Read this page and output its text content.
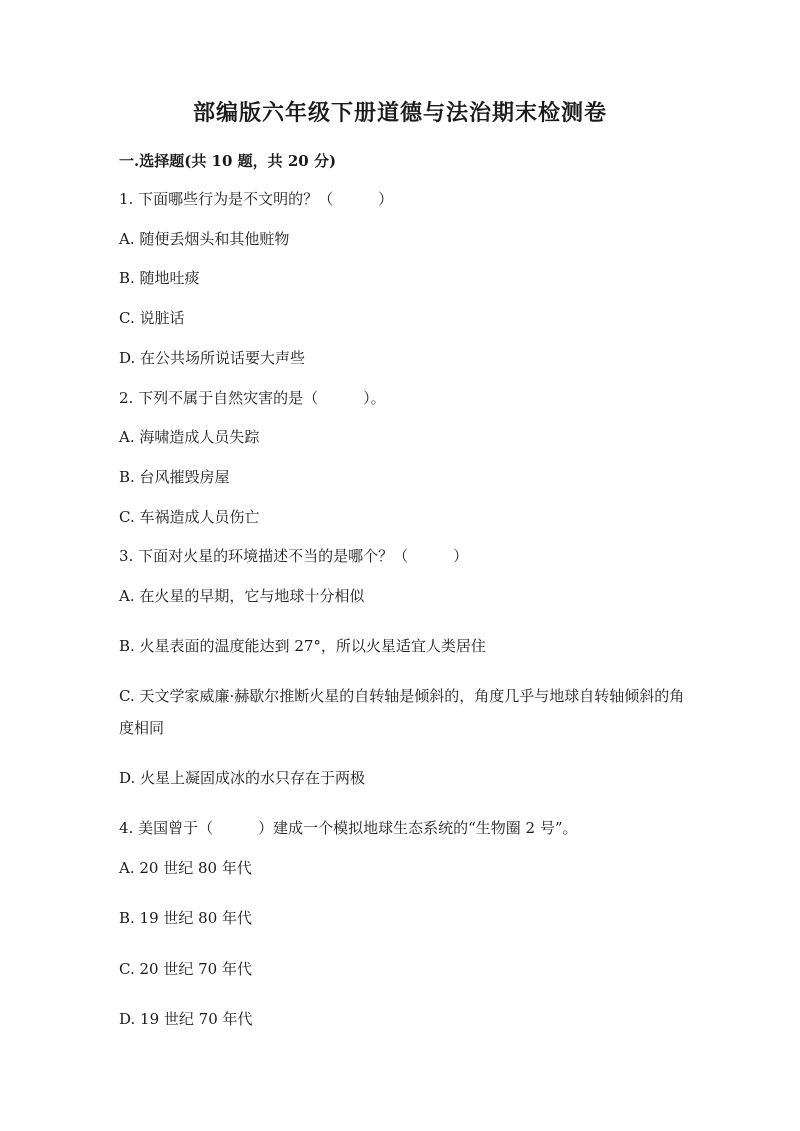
部编版六年级下册道德与法治期末检测卷
一.选择题(共 10 题，共 20 分)
1. 下面哪些行为是不文明的？（　　　）
A. 随便丢烟头和其他赃物
B. 随地吐痰
C. 说脏话
D. 在公共场所说话要大声些
2. 下列不属于自然灾害的是（　　　）。
A. 海啸造成人员失踪
B. 台风摧毁房屋
C. 车祸造成人员伤亡
3. 下面对火星的环境描述不当的是哪个？（　　　）
A. 在火星的早期，它与地球十分相似
B. 火星表面的温度能达到 27°，所以火星适宜人类居住
C. 天文学家威廉·赫歇尔推断火星的自转轴是倾斜的，角度几乎与地球自转轴倾斜的角度相同
D. 火星上凝固成冰的水只存在于两极
4. 美国曾于（　　　）建成一个模拟地球生态系统的“生物圈 2 号”。
A. 20 世纪 80 年代
B. 19 世纪 80 年代
C. 20 世纪 70 年代
D. 19 世纪 70 年代
